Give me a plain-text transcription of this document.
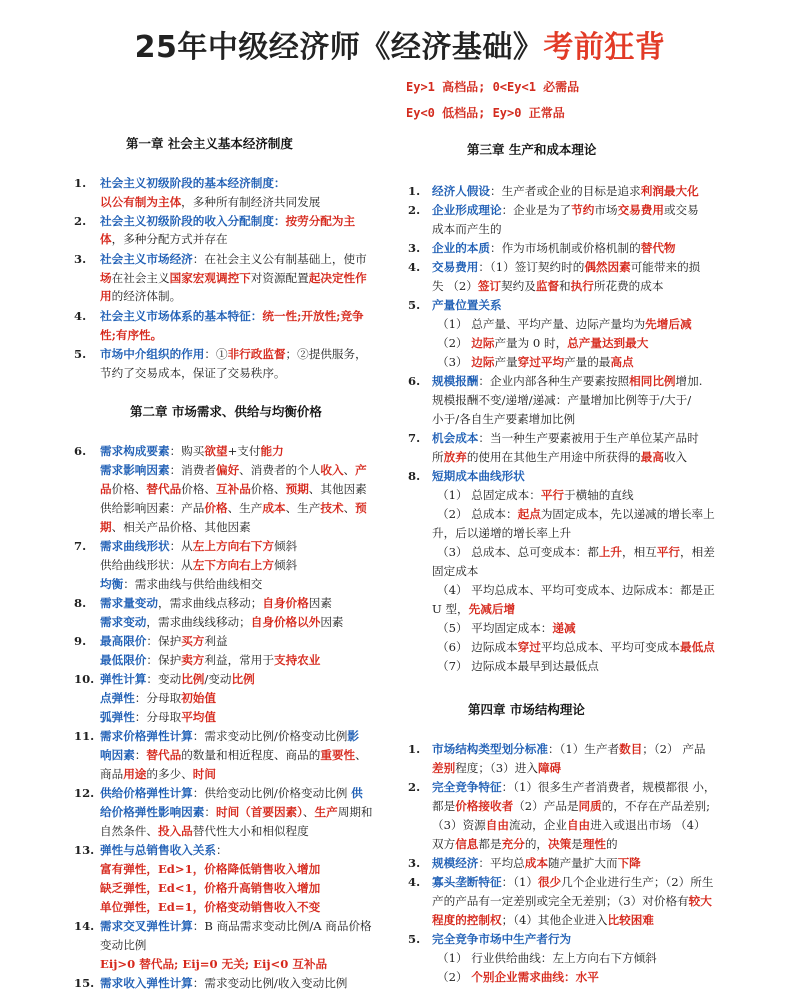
25年中级经济师《经济基础》考前狂背
Ey>1 高档品; 0<Ey<1 必需品
Ey<0 低档品; Ey>0 正常品
第一章 社会主义基本经济制度
第二章 市场需求、供给与均衡价格
第三章 生产和成本理论
第四章 市场结构理论
1. 社会主义初级阶段的基本经济制度：
以公有制为主体，多种所有制经济共同发展
2. 社会主义初级阶段的收入分配制度：按劳分配为主
体，多种分配方式并存在
3. 社会主义市场经济：在社会主义公有制基础上，使市
场在社会主义国家宏观调控下对资源配置起决定性作
用的经济体制。
4. 社会主义市场体系的基本特征：统一性;开放性;竞争
性;有序性。
5. 市场中介组织的作用：①非行政监督；②提供服务，
节约了交易成本，保证了交易秩序。
6. 需求构成要素：购买欲望+支付能力
需求影响因素：消费者偏好、消费者的个人收入、产
品价格、替代品价格、互补品价格、预期、其他因素
供给影响因素：产品价格、生产成本、生产技术、预
期、相关产品价格、其他因素
7. 需求曲线形状：从左上方向右下方倾斜
供给曲线形状：从左下方向右上方倾斜
均衡：需求曲线与供给曲线相交
8. 需求量变动，需求曲线点移动；自身价格因素
需求变动，需求曲线线移动；自身价格以外因素
9. 最高限价：保护买方利益
最低限价：保护卖方利益，常用于支持农业
10. 弹性计算：变动比例/变动比例
点弹性：分母取初始值
弧弹性：分母取平均值
11. 需求价格弹性计算：需求变动比例/价格变动比例影
响因素：替代品的数量和相近程度、商品的重要性、
商品用途的多少、时间
12. 供给价格弹性计算：供给变动比例/价格变动比例 供
给价格弹性影响因素：时间（首要因素）、生产周期和
自然条件、投入品替代性大小和相似程度
13. 弹性与总销售收入关系：
富有弹性，Ed>1，价格降低销售收入增加
缺乏弹性，Ed<1，价格升高销售收入增加
单位弹性，Ed=1，价格变动销售收入不变
14. 需求交叉弹性计算：B 商品需求变动比例/A 商品价格
变动比例
Eij>0 替代品; Eij=0 无关; Eij<0 互补品
15. 需求收入弹性计算：需求变动比例/收入变动比例
1. 经济人假设：生产者或企业的目标是追求利润最大化
2. 企业形成理论：企业是为了节约市场交易费用或交易
成本而产生的
3. 企业的本质：作为市场机制或价格机制的替代物
4. 交易费用：（1）签订契约时的偶然因素可能带来的损
失 （2）签订契约及监督和执行所花费的成本
5. 产量位置关系
（1） 总产量、平均产量、边际产量均为先增后减
（2） 边际产量为 0 时，总产量达到最大
（3） 边际产量穿过平均产量的最高点
6. 规模报酬：企业内部各种生产要素按照相同比例增加.
规模报酬不变/递增/递减：产量增加比例等于/大于/
小于/各自生产要素增加比例
7. 机会成本：当一种生产要素被用于生产单位某产品时
所放弃的使用在其他生产用途中所获得的最高收入
8. 短期成本曲线形状
（1） 总固定成本：平行于横轴的直线
（2） 总成本：起点为固定成本，先以递减的增长率上
升，后以递增的增长率上升
（3） 总成本、总可变成本：都上升，相互平行，相差
固定成本
（4） 平均总成本、平均可变成本、边际成本：都是正
U 型，先减后增
（5） 平均固定成本：递减
（6） 边际成本穿过平均总成本、平均可变成本最低点
（7） 边际成本最早到达最低点
1. 市场结构类型划分标准：（1）生产者数目；（2） 产品
差别程度；（3）进入障碍
2. 完全竞争特征：（1）很多生产者消费者，规模都很 小，
都是价格接收者（2）产品是同质的，不存在产品差别;
（3）资源自由流动，企业自由进入或退出市场 （4）
双方信息都是充分的，决策是理性的
3. 规模经济：平均总成本随产量扩大而下降
4. 寡头垄断特征：（1）很少几个企业进行生产；（2）所生
产的产品有一定差别或完全无差别；（3）对价格有较大
程度的控制权；（4）其他企业进入比较困难
5. 完全竞争市场中生产者行为
（1） 行业供给曲线：左上方向右下方倾斜
（2） 个别企业需求曲线：水平
